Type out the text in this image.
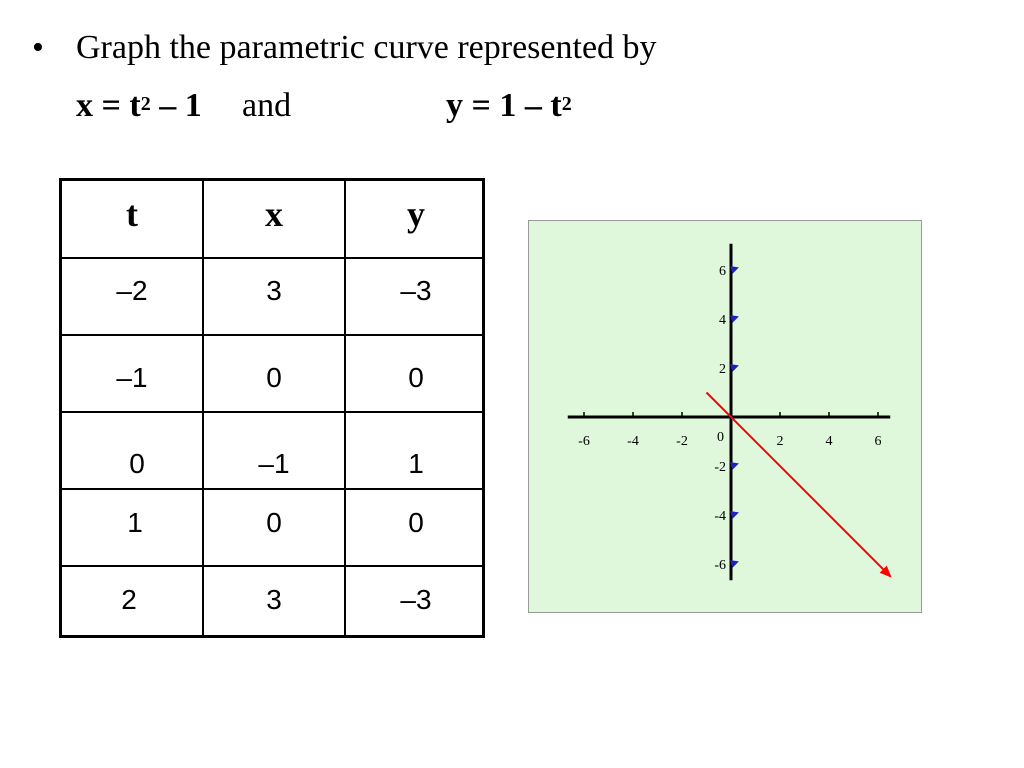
• Graph the parametric curve represented by
$x = t^2 - 1$ and	$y = 1 - t^2$
t	x	y
–2	3	–3
–1	0	0
0	–1	1
1	0	0
2	3	–3
-6	-4	-2	2	4	6
6
4
2
-2
-4
-6
0
